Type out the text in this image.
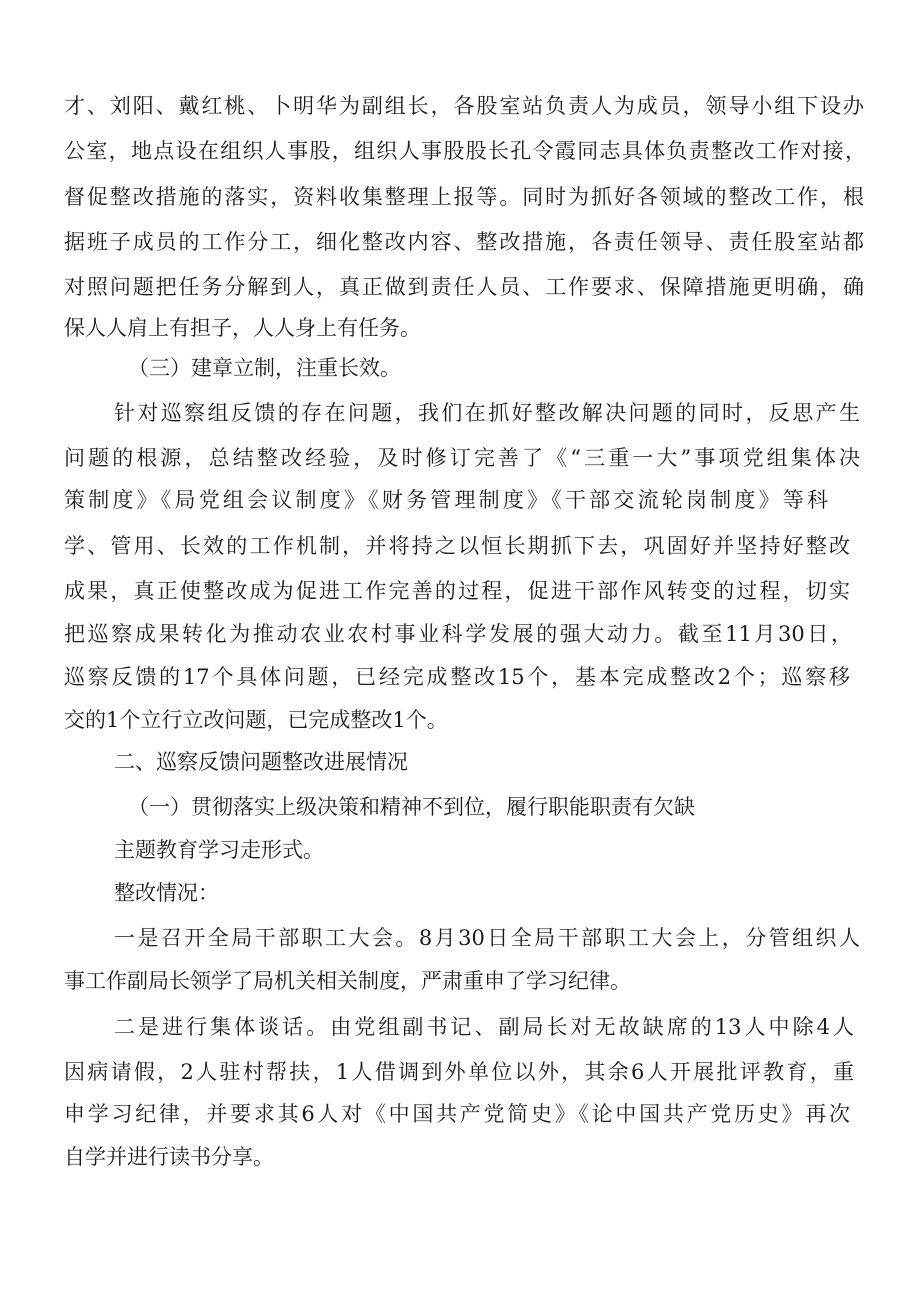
才、刘阳、戴红桃、卜明华为副组长，各股室站负责人为成员，领导小组下设办
公室，地点设在组织人事股，组织人事股股长孔令霞同志具体负责整改工作对接，
督促整改措施的落实，资料收集整理上报等。同时为抓好各领域的整改工作，根
据班子成员的工作分工，细化整改内容、整改措施，各责任领导、责任股室站都
对照问题把任务分解到人，真正做到责任人员、工作要求、保障措施更明确，确
保人人肩上有担子，人人身上有任务。
（三）建章立制，注重长效。
针对巡察组反馈的存在问题，我们在抓好整改解决问题的同时，反思产生
问题的根源，总结整改经验，及时修订完善了《“三重一大”事项党组集体决
策制度》《局党组会议制度》《财务管理制度》《干部交流轮岗制度》等科
学、管用、长效的工作机制，并将持之以恒长期抓下去，巩固好并坚持好整改
成果，真正使整改成为促进工作完善的过程，促进干部作风转变的过程，切实
把巡察成果转化为推动农业农村事业科学发展的强大动力。截至11月30日，
巡察反馈的17个具体问题，已经完成整改15个，基本完成整改2个；巡察移
交的1个立行立改问题，已完成整改1个。
二、巡察反馈问题整改进展情况
（一）贯彻落实上级决策和精神不到位，履行职能职责有欠缺
主题教育学习走形式。
整改情况：
一是召开全局干部职工大会。8月30日全局干部职工大会上，分管组织人
事工作副局长领学了局机关相关制度，严肃重申了学习纪律。
二是进行集体谈话。由党组副书记、副局长对无故缺席的13人中除4人
因病请假，2人驻村帮扶，1人借调到外单位以外，其余6人开展批评教育，重
申学习纪律，并要求其6人对《中国共产党简史》《论中国共产党历史》再次
自学并进行读书分享。
